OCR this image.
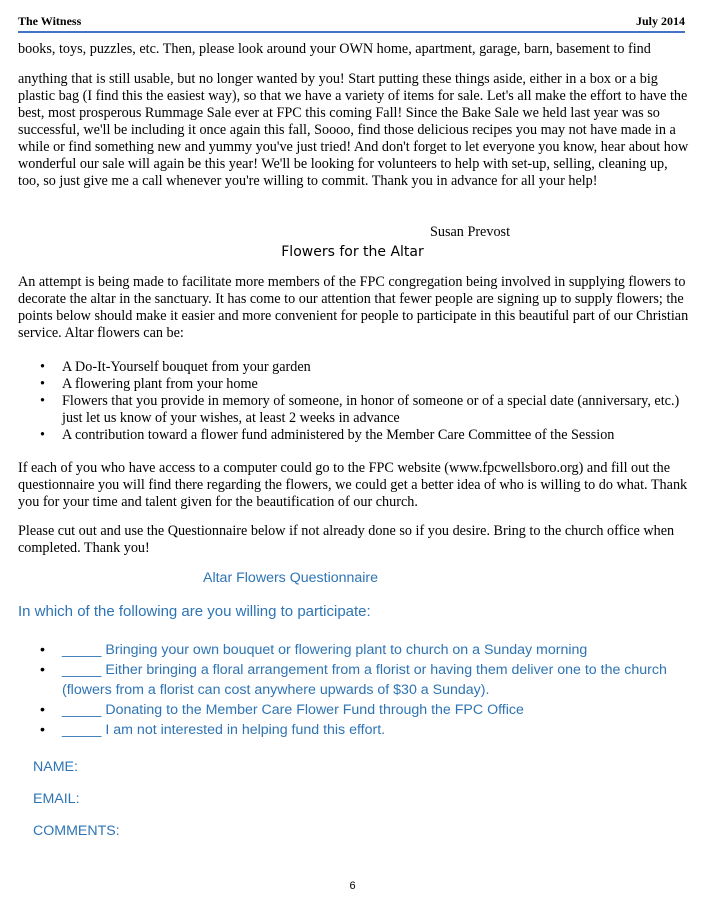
The Witness	July 2014

books, toys, puzzles, etc. Then, please look around your OWN home, apartment, garage, barn, basement to find

anything that is still usable, but no longer wanted by you! Start putting these things aside, either in a box or a big plastic bag (I find this the easiest way), so that we have a variety of items for sale. Let's all make the effort to have the best, most prosperous Rummage Sale ever at FPC this coming Fall! Since the Bake Sale we held last year was so successful, we'll be including it once again this fall, Soooo, find those delicious recipes you may not have made in a while or find something new and yummy you've just tried! And don't forget to let everyone you know, hear about how wonderful our sale will again be this year! We'll be looking for volunteers to help with set-up, selling, cleaning up, too, so just give me a call whenever you're willing to commit. Thank you in advance for all your help!

Susan Prevost
Flowers for the Altar

An attempt is being made to facilitate more members of the FPC congregation being involved in supplying flowers to decorate the altar in the sanctuary. It has come to our attention that fewer people are signing up to supply flowers; the points below should make it easier and more convenient for people to participate in this beautiful part of our Christian service. Altar flowers can be:

• A Do-It-Yourself bouquet from your garden
• A flowering plant from your home
• Flowers that you provide in memory of someone, in honor of someone or of a special date (anniversary, etc.) just let us know of your wishes, at least 2 weeks in advance
• A contribution toward a flower fund administered by the Member Care Committee of the Session

If each of you who have access to a computer could go to the FPC website (www.fpcwellsboro.org) and fill out the questionnaire you will find there regarding the flowers, we could get a better idea of who is willing to do what. Thank you for your time and talent given for the beautification of our church.

Please cut out and use the Questionnaire below if not already done so if you desire. Bring to the church office when completed. Thank you!

Altar Flowers Questionnaire
In which of the following are you willing to participate:
• _____ Bringing your own bouquet or flowering plant to church on a Sunday morning
• _____ Either bringing a floral arrangement from a florist or having them deliver one to the church (flowers from a florist can cost anywhere upwards of $30 a Sunday).
• _____ Donating to the Member Care Flower Fund through the FPC Office
• _____ I am not interested in helping fund this effort.
NAME:
EMAIL:
COMMENTS:
6
